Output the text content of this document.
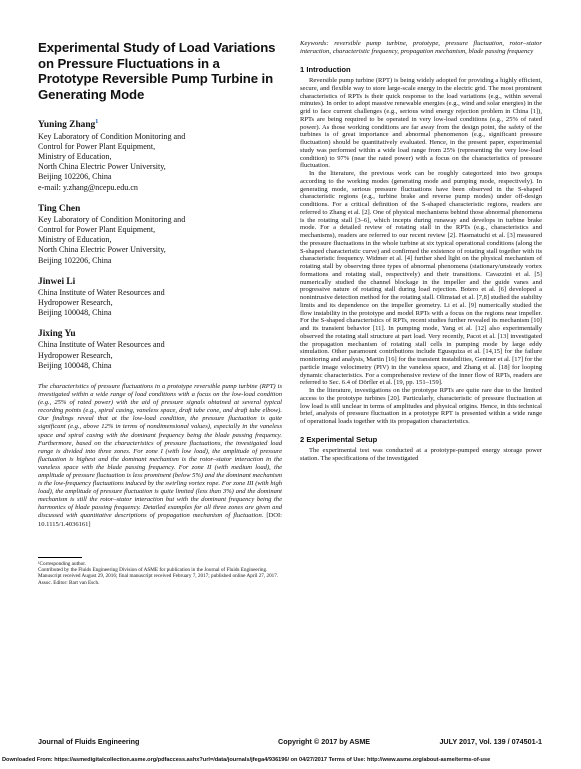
Experimental Study of Load Variations on Pressure Fluctuations in a Prototype Reversible Pump Turbine in Generating Mode
Yuning Zhang$^1$
Key Laboratory of Condition Monitoring and
Control for Power Plant Equipment,
Ministry of Education,
North China Electric Power University,
Beijing 102206, China
e-mail: y.zhang@ncepu.edu.cn
Ting Chen
Key Laboratory of Condition Monitoring and
Control for Power Plant Equipment,
Ministry of Education,
North China Electric Power University,
Beijing 102206, China
Jinwei Li
China Institute of Water Resources and
Hydropower Research,
Beijing 100048, China
Jixing Yu
China Institute of Water Resources and
Hydropower Research,
Beijing 100048, China
The characteristics of pressure fluctuations in a prototype reversible pump turbine (RPT) is investigated within a wide range of load conditions with a focus on the low-load condition (e.g., 25% of rated power) with the aid of pressure signals obtained at several typical recording points (e.g., spiral casing, vaneless space, draft tube cone, and draft tube elbow). Our findings reveal that at the low-load condition, the pressure fluctuation is quite significant (e.g., above 12% in terms of nondimensional values), especially in the vaneless space and spiral casing with the dominant frequency being the blade passing frequency. Furthermore, based on the characteristics of pressure fluctuations, the investigated load range is divided into three zones. For zone I (with low load), the amplitude of pressure fluctuation is highest and the dominant mechanism is the rotor–stator interaction in the vaneless space with the blade passing frequency. For zone II (with medium load), the amplitude of pressure fluctuation is less prominent (below 5%) and the dominant mechanism is the low-frequency fluctuations induced by the swirling vortex rope. For zone III (with high load), the amplitude of pressure fluctuation is quite limited (less than 3%) and the dominant mechanism is still the rotor–stator interaction but with the dominant frequency being the harmonics of blade passing frequency. Detailed examples for all three zones are given and discussed with quantitative descriptions of propagation mechanism of fluctuation. [DOI: 10.1115/1.4036161]
¹Corresponding author.
Contributed by the Fluids Engineering Division of ASME for publication in the Journal of Fluids Engineering. Manuscript received August 29, 2016; final manuscript received February 7, 2017; published online April 27, 2017. Assoc. Editor: Bart van Esch.
Keywords: reversible pump turbine, prototype, pressure fluctuation, rotor–stator interaction, characteristic frequency, propagation mechanism, blade passing frequency
1 Introduction
Reversible pump turbine (RPT) is being widely adopted for providing a highly efficient, secure, and flexible way to store large-scale energy in the electric grid. The most prominent characteristics of RPTs is their quick response to the load variations (e.g., within several minutes). In order to adopt massive renewable energies (e.g., wind and solar energies) in the grid to face current challenges (e.g., serious wind energy rejection problem in China [1]), RPTs are being required to be operated in very low-load conditions (e.g., 25% of rated power). As those working conditions are far away from the design point, the safety of the turbines is of great importance and abnormal phenomenon (e.g., significant pressure fluctuation) should be quantitatively evaluated. Hence, in the present paper, experimental study was performed within a wide load range from 25% (representing the very low-load condition) to 97% (near the rated power) with a focus on the characteristics of pressure fluctuation.
In the literature, the previous work can be roughly categorized into two groups according to the working modes (generating mode and pumping mode, respectively). In generating mode, serious pressure fluctuations have been observed in the S-shaped characteristic regions (e.g., turbine brake and reverse pump modes) under off-design conditions. For a critical definition of the S-shaped characteristic regions, readers are referred to Zhang et al. [2]. One of physical mechanisms behind those abnormal phenomena is the rotating stall [3–6], which incepts during runaway and develops in turbine brake mode. For a detailed review of rotating stall in the RPTs (e.g., characteristics and mechanisms), readers are referred to our recent review [2]. Hasmatuchi et al. [3] measured the pressure fluctuations in the whole turbine at six typical operational conditions (along the S-shaped characteristic curve) and confirmed the existence of rotating stall together with its characteristic frequency. Widmer et al. [4] further shed light on the physical mechanism of rotating stall by observing three types of abnormal phenomena (stationary/unsteady vortex formations and rotating stall, respectively) and their transitions. Cavazzini et al. [5] numerically studied the channel blockage in the impeller and the guide vanes and progressive nature of rotating stall during load rejection. Botero et al. [6] developed a nonintrusive detection method for the rotating stall. Olimstad et al. [7,8] studied the stability limits and its dependence on the impeller geometry. Li et al. [9] numerically studied the flow instability in the prototype and model RPTs with a focus on the regions near impeller. For the S-shaped characteristics of RPTs, recent studies further revealed its mechanism [10] and its transient behavior [11]. In pumping mode, Yang et al. [12] also experimentally observed the rotating stall structure at part load. Very recently, Pacot et al. [13] investigated the propagation mechanism of rotating stall cells in pumping mode by large eddy simulation. Other paramount contributions include Egusquiza et al. [14,15] for the failure monitoring and analysis, Martin [16] for the transient instabilities, Gentner et al. [17] for the particle image velocimetry (PIV) in the vaneless space, and Zhang et al. [18] for looping dynamic characteristics. For a comprehensive review of the inner flow of RPTs, readers are referred to Sec. 6.4 of Dörfler et al. [19, pp. 151–159].
In the literature, investigations on the prototype RPTs are quite rare due to the limited access to the prototype turbines [20]. Particularly, characteristic of pressure fluctuation at low load is still unclear in terms of amplitudes and physical origins. Hence, in this technical brief, analysis of pressure fluctuation in a prototype RPT is presented within a wide range of operational loads together with its propagation characteristics.
2 Experimental Setup
The experimental test was conducted at a prototype-pumped energy storage power station. The specifications of the investigated
Journal of Fluids Engineering	Copyright © 2017 by ASME	JULY 2017, Vol. 139 / 074501-1
Downloaded From: https://asmedigitalcollection.asme.org/pdfaccess.ashx?url=/data/journals/jfega4/936196/ on 04/27/2017 Terms of Use: http://www.asme.org/about-asme/terms-of-use
